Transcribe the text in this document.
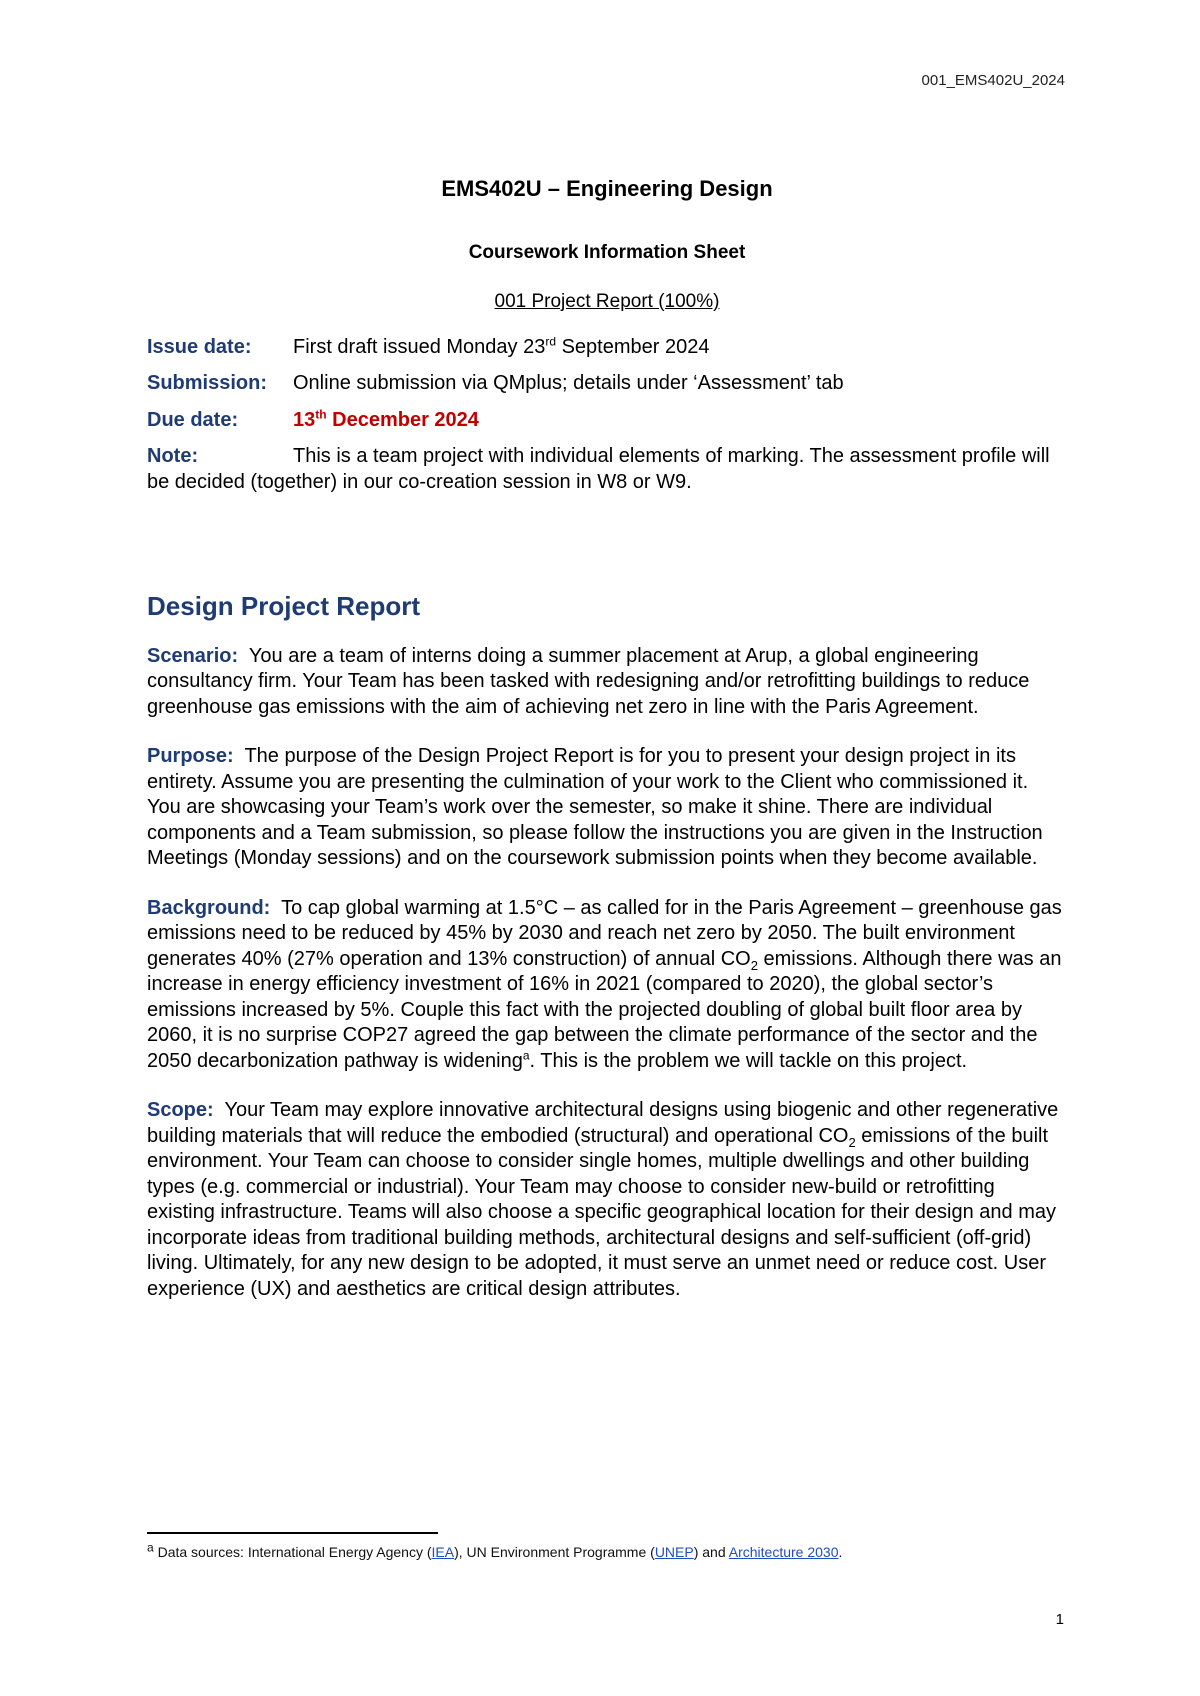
001_EMS402U_2024
EMS402U – Engineering Design
Coursework Information Sheet
001 Project Report (100%)
Issue date:	First draft issued Monday 23rd September 2024
Submission:	Online submission via QMplus; details under ‘Assessment’ tab
Due date:	13th December 2024
Note:	This is a team project with individual elements of marking. The assessment profile will be decided (together) in our co-creation session in W8 or W9.
Design Project Report

Scenario: You are a team of interns doing a summer placement at Arup, a global engineering consultancy firm. Your Team has been tasked with redesigning and/or retrofitting buildings to reduce greenhouse gas emissions with the aim of achieving net zero in line with the Paris Agreement.

Purpose: The purpose of the Design Project Report is for you to present your design project in its entirety. Assume you are presenting the culmination of your work to the Client who commissioned it. You are showcasing your Team’s work over the semester, so make it shine. There are individual components and a Team submission, so please follow the instructions you are given in the Instruction Meetings (Monday sessions) and on the coursework submission points when they become available.

Background: To cap global warming at 1.5°C – as called for in the Paris Agreement – greenhouse gas emissions need to be reduced by 45% by 2030 and reach net zero by 2050. The built environment generates 40% (27% operation and 13% construction) of annual $CO_2$ emissions. Although there was an increase in energy efficiency investment of 16% in 2021 (compared to 2020), the global sector’s emissions increased by 5%. Couple this fact with the projected doubling of global built floor area by 2060, it is no surprise COP27 agreed the gap between the climate performance of the sector and the 2050 decarbonization pathway is widening$^a$. This is the problem we will tackle on this project.

Scope: Your Team may explore innovative architectural designs using biogenic and other regenerative building materials that will reduce the embodied (structural) and operational $CO_2$ emissions of the built environment. Your Team can choose to consider single homes, multiple dwellings and other building types (e.g. commercial or industrial). Your Team may choose to consider new-build or retrofitting existing infrastructure. Teams will also choose a specific geographical location for their design and may incorporate ideas from traditional building methods, architectural designs and self-sufficient (off-grid) living. Ultimately, for any new design to be adopted, it must serve an unmet need or reduce cost. User experience (UX) and aesthetics are critical design attributes.

$^a$ Data sources: International Energy Agency (IEA), UN Environment Programme (UNEP) and Architecture 2030.
1
